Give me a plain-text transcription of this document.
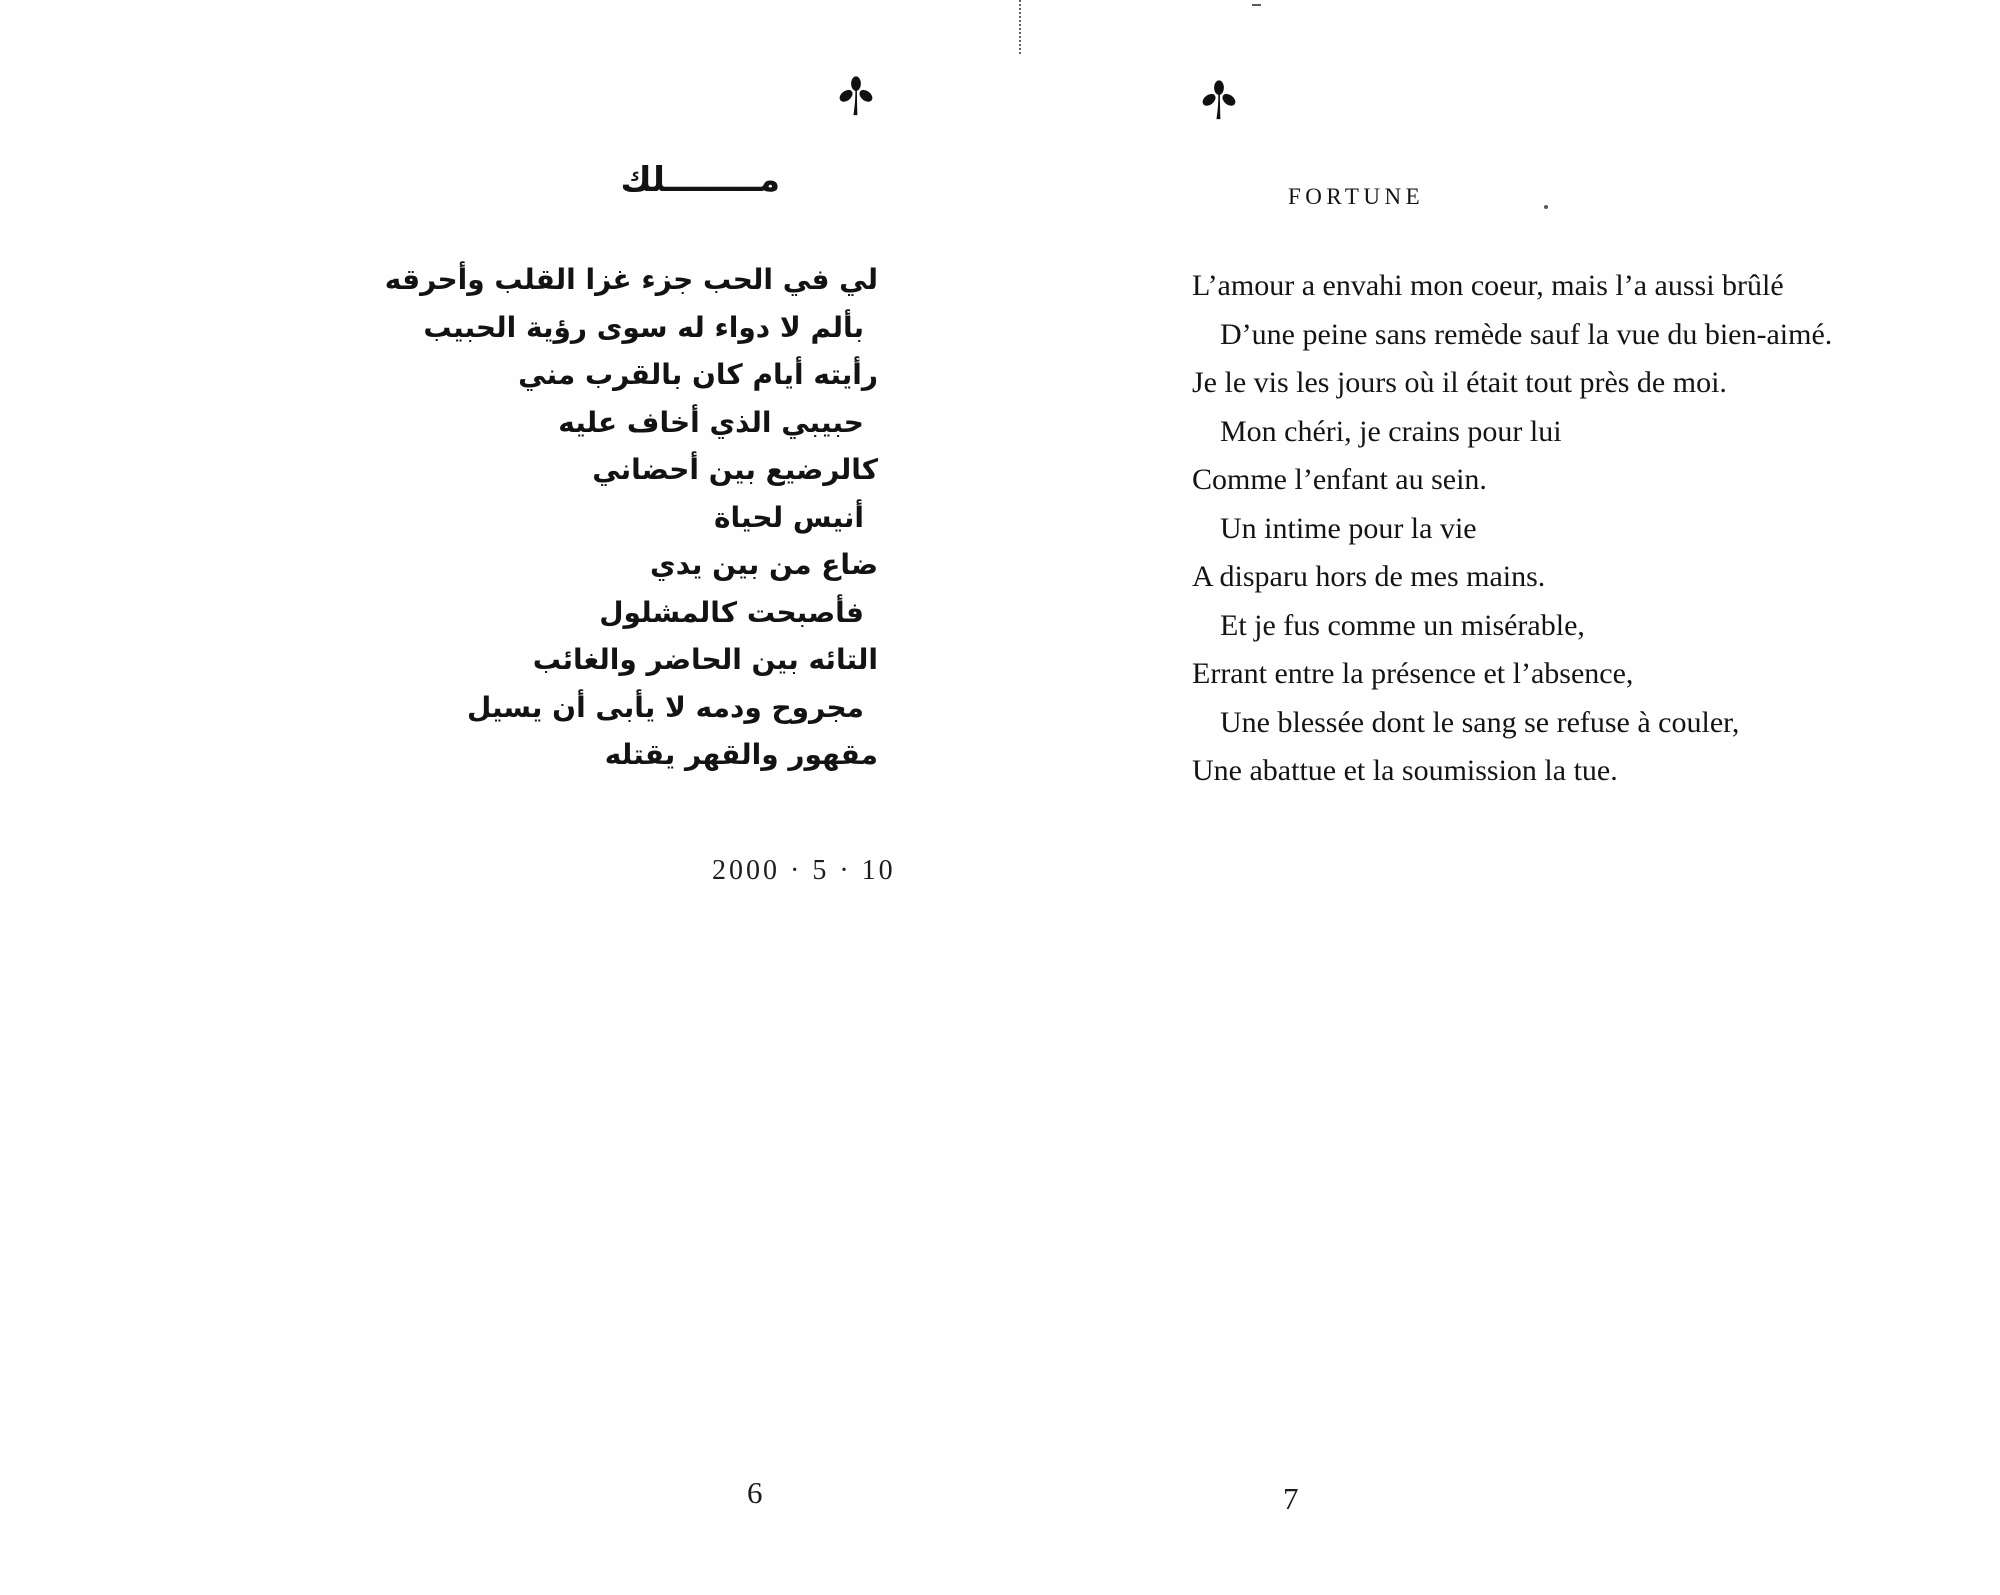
مــــــــلك
لي في الحب جزء غزا القلب وأحرقه
بألم لا دواء له سوى رؤية الحبيب
رأيته أيام كان بالقرب مني
حبيبي الذي أخاف عليه
كالرضيع بين أحضاني
أنيس لحياة
ضاع من بين يدي
فأصبحت كالمشلول
التائه بين الحاضر والغائب
مجروح ودمه لا يأبى أن يسيل
مقهور والقهر يقتله
2000 · 5 · 10
6
FORTUNE
L’amour a envahi mon coeur, mais l’a aussi brûlé
D’une peine sans remède sauf la vue du bien-aimé.
Je le vis les jours où il était tout près de moi.
Mon chéri, je crains pour lui
Comme l’enfant au sein.
Un intime pour la vie
A disparu hors de mes mains.
Et je fus comme un misérable,
Errant entre la présence et l’absence,
Une blessée dont le sang se refuse à couler,
Une abattue et la soumission la tue.
7
